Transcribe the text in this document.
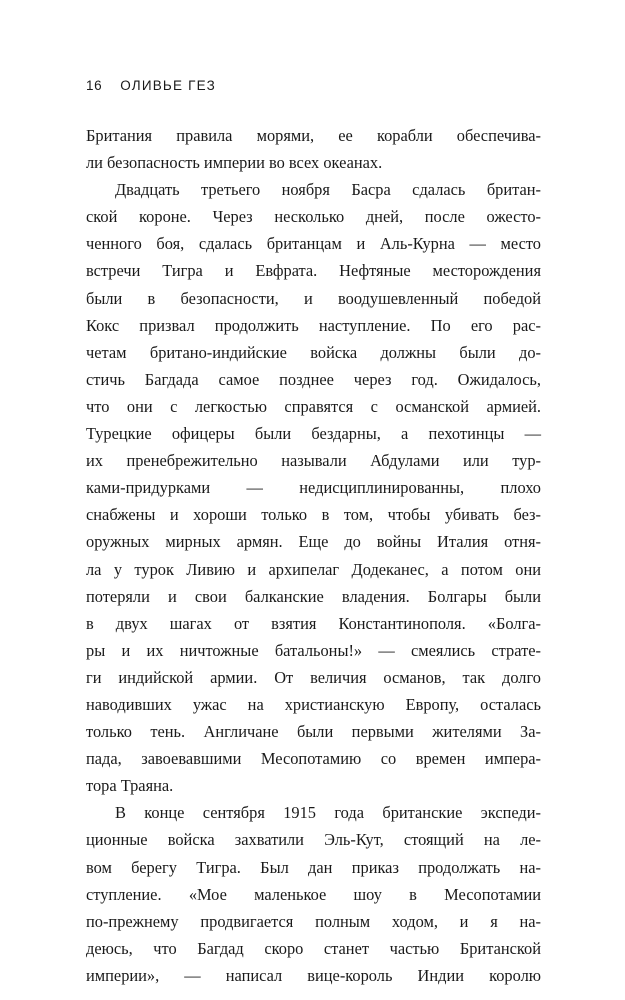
16 ОЛИВЬЕ ГЕЗ
Британия правила морями, ее корабли обеспечива-
ли безопасность империи во всех океанах.
Двадцать третьего ноября Басра сдалась британ-
ской короне. Через несколько дней, после ожесто-
ченного боя, сдалась британцам и Аль-Курна — место
встречи Тигра и Евфрата. Нефтяные месторождения
были в безопасности, и воодушевленный победой
Кокс призвал продолжить наступление. По его рас-
четам британо-индийские войска должны были до-
стичь Багдада самое позднее через год. Ожидалось,
что они с легкостью справятся с османской армией.
Турецкие офицеры были бездарны, а пехотинцы —
их пренебрежительно называли Абдулами или тур-
ками-придурками — недисциплинированны, плохо
снабжены и хороши только в том, чтобы убивать без-
оружных мирных армян. Еще до войны Италия отня-
ла у турок Ливию и архипелаг Додеканес, а потом они
потеряли и свои балканские владения. Болгары были
в двух шагах от взятия Константинополя. «Болга-
ры и их ничтожные батальоны!» — смеялись страте-
ги индийской армии. От величия османов, так долго
наводивших ужас на христианскую Европу, осталась
только тень. Англичане были первыми жителями За-
пада, завоевавшими Месопотамию со времен импера-
тора Траяна.
В конце сентября 1915 года британские экспеди-
ционные войска захватили Эль-Кут, стоящий на ле-
вом берегу Тигра. Был дан приказ продолжать на-
ступление. «Мое маленькое шоу в Месопотамии
по-прежнему продвигается полным ходом, и я на-
деюсь, что Багдад скоро станет частью Британской
империи», — написал вице-король Индии королю
